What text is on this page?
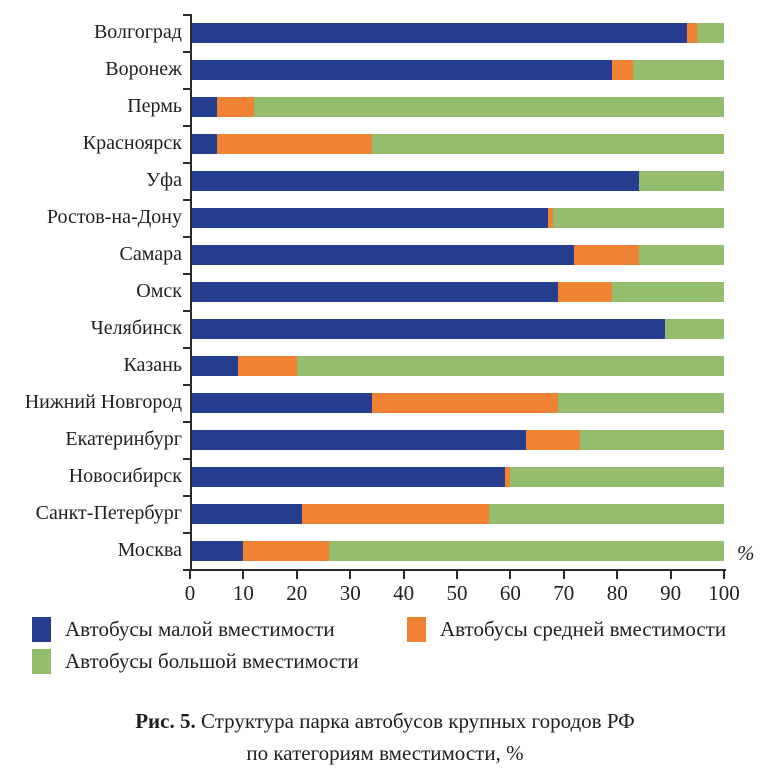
Волгоград
Воронеж
Пермь
Красноярск
Уфа
Ростов-на-Дону
Самара
Омск
Челябинск
Казань
Нижний Новгород
Екатеринбург
Новосибирск
Санкт-Петербург
Москва
0 10 20 30 40 50 60 70 80 90 100
%
Автобусы малой вместимости	Автобусы средней вместимости
Автобусы большой вместимости
Рис. 5. Структура парка автобусов крупных городов РФ
по категориям вместимости, %
